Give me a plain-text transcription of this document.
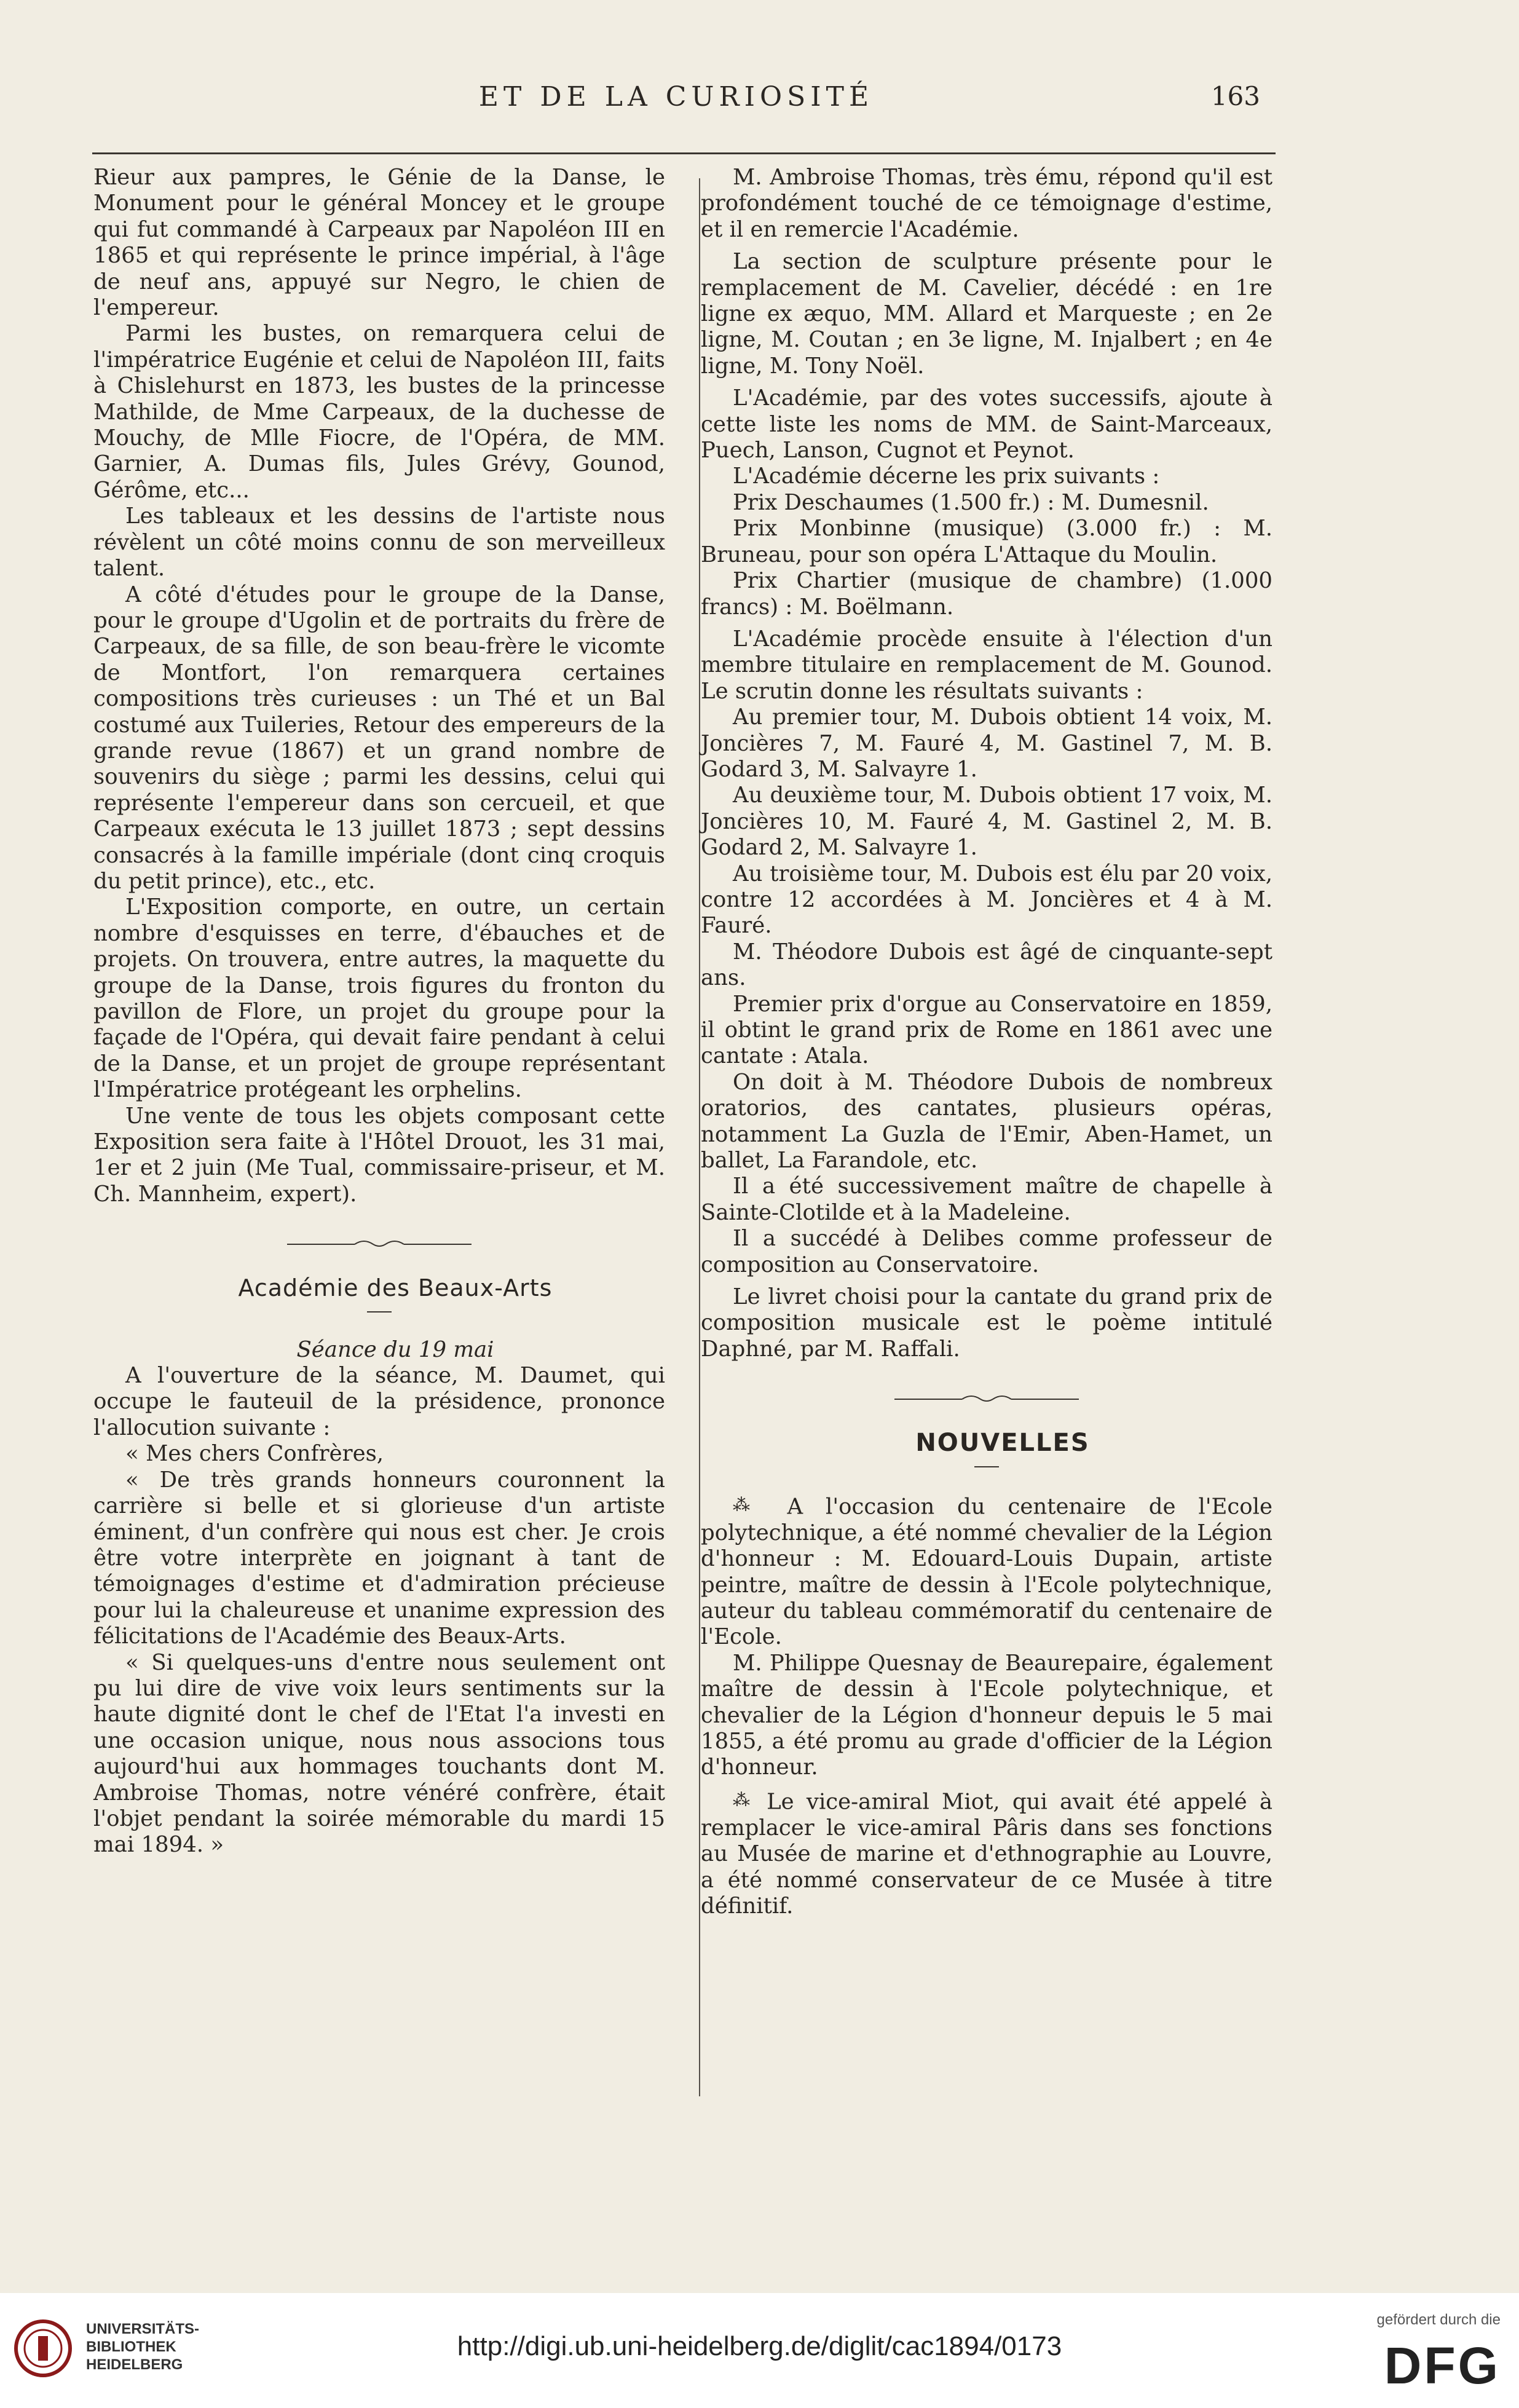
ET DE LA CURIOSITÉ	163

Rieur aux pampres, le Génie de la Danse, le Monument pour le général Moncey et le groupe qui fut commandé à Carpeaux par Napoléon III en 1865 et qui représente le prince impérial, à l'âge de neuf ans, appuyé sur Negro, le chien de l'empereur.

Parmi les bustes, on remarquera celui de l'impératrice Eugénie et celui de Napoléon III, faits à Chislehurst en 1873, les bustes de la princesse Mathilde, de Mme Carpeaux, de la duchesse de Mouchy, de Mlle Fiocre, de l'Opéra, de MM. Garnier, A. Dumas fils, Jules Grévy, Gounod, Gérôme, etc...

Les tableaux et les dessins de l'artiste nous révèlent un côté moins connu de son merveilleux talent.

A côté d'études pour le groupe de la Danse, pour le groupe d'Ugolin et de portraits du frère de Carpeaux, de sa fille, de son beau-frère le vicomte de Montfort, l'on remarquera certaines compositions très curieuses : un Thé et un Bal costumé aux Tuileries, Retour des empereurs de la grande revue (1867) et un grand nombre de souvenirs du siège ; parmi les dessins, celui qui représente l'empereur dans son cercueil, et que Carpeaux exécuta le 13 juillet 1873 ; sept dessins consacrés à la famille impériale (dont cinq croquis du petit prince), etc., etc.

L'Exposition comporte, en outre, un certain nombre d'esquisses en terre, d'ébauches et de projets. On trouvera, entre autres, la maquette du groupe de la Danse, trois figures du fronton du pavillon de Flore, un projet du groupe pour la façade de l'Opéra, qui devait faire pendant à celui de la Danse, et un projet de groupe représentant l'Impératrice protégeant les orphelins.

Une vente de tous les objets composant cette Exposition sera faite à l'Hôtel Drouot, les 31 mai, 1er et 2 juin (Me Tual, commissaire-priseur, et M. Ch. Mannheim, expert).

Académie des Beaux-Arts

Séance du 19 mai

A l'ouverture de la séance, M. Daumet, qui occupe le fauteuil de la présidence, prononce l'allocution suivante :

« Mes chers Confrères,

« De très grands honneurs couronnent la carrière si belle et si glorieuse d'un artiste éminent, d'un confrère qui nous est cher. Je crois être votre interprète en joignant à tant de témoignages d'estime et d'admiration précieuse pour lui la chaleureuse et unanime expression des félicitations de l'Académie des Beaux-Arts.

« Si quelques-uns d'entre nous seulement ont pu lui dire de vive voix leurs sentiments sur la haute dignité dont le chef de l'Etat l'a investi en une occasion unique, nous nous associons tous aujourd'hui aux hommages touchants dont M. Ambroise Thomas, notre vénéré confrère, était l'objet pendant la soirée mémorable du mardi 15 mai 1894. »

M. Ambroise Thomas, très ému, répond qu'il est profondément touché de ce témoignage d'estime, et il en remercie l'Académie.

La section de sculpture présente pour le remplacement de M. Cavelier, décédé : en 1re ligne ex æquo, MM. Allard et Marqueste ; en 2e ligne, M. Coutan ; en 3e ligne, M. Injalbert ; en 4e ligne, M. Tony Noël.

L'Académie, par des votes successifs, ajoute à cette liste les noms de MM. de Saint-Marceaux, Puech, Lanson, Cugnot et Peynot.

L'Académie décerne les prix suivants :

Prix Deschaumes (1.500 fr.) : M. Dumesnil.

Prix Monbinne (musique) (3.000 fr.) : M. Bruneau, pour son opéra L'Attaque du Moulin.

Prix Chartier (musique de chambre) (1.000 francs) : M. Boëlmann.

L'Académie procède ensuite à l'élection d'un membre titulaire en remplacement de M. Gounod. Le scrutin donne les résultats suivants :

Au premier tour, M. Dubois obtient 14 voix, M. Joncières 7, M. Fauré 4, M. Gastinel 7, M. B. Godard 3, M. Salvayre 1.

Au deuxième tour, M. Dubois obtient 17 voix, M. Joncières 10, M. Fauré 4, M. Gastinel 2, M. B. Godard 2, M. Salvayre 1.

Au troisième tour, M. Dubois est élu par 20 voix, contre 12 accordées à M. Joncières et 4 à M. Fauré.

M. Théodore Dubois est âgé de cinquante-sept ans.

Premier prix d'orgue au Conservatoire en 1859, il obtint le grand prix de Rome en 1861 avec une cantate : Atala.

On doit à M. Théodore Dubois de nombreux oratorios, des cantates, plusieurs opéras, notamment La Guzla de l'Emir, Aben-Hamet, un ballet, La Farandole, etc.

Il a été successivement maître de chapelle à Sainte-Clotilde et à la Madeleine.

Il a succédé à Delibes comme professeur de composition au Conservatoire.

Le livret choisi pour la cantate du grand prix de composition musicale est le poème intitulé Daphné, par M. Raffali.

NOUVELLES

⁂ A l'occasion du centenaire de l'Ecole polytechnique, a été nommé chevalier de la Légion d'honneur : M. Edouard-Louis Dupain, artiste peintre, maître de dessin à l'Ecole polytechnique, auteur du tableau commémoratif du centenaire de l'Ecole.

M. Philippe Quesnay de Beaurepaire, également maître de dessin à l'Ecole polytechnique, et chevalier de la Légion d'honneur depuis le 5 mai 1855, a été promu au grade d'officier de la Légion d'honneur.

⁂ Le vice-amiral Miot, qui avait été appelé à remplacer le vice-amiral Pâris dans ses fonctions au Musée de marine et d'ethnographie au Louvre, a été nommé conservateur de ce Musée à titre définitif.

UNIVERSITÄTS-
BIBLIOTHEK
HEIDELBERG
http://digi.ub.uni-heidelberg.de/diglit/cac1894/0173
gefördert durch die
DFG
